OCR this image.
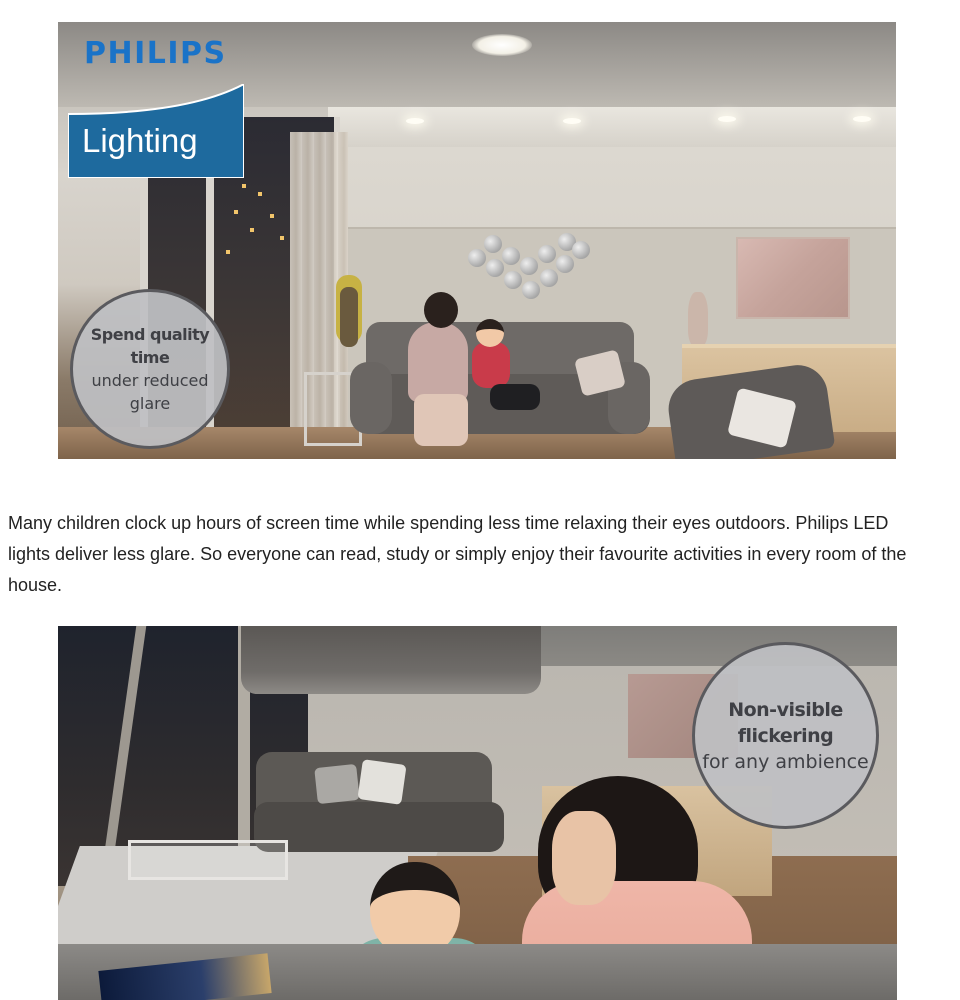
PHILIPS
Lighting
Spend quality
time
under reduced
glare

Many children clock up hours of screen time while spending less time relaxing their eyes outdoors. Philips LED lights deliver less glare. So everyone can read, study or simply enjoy their favourite activities in every room of the house.

Non-visible
flickering
for any ambience
